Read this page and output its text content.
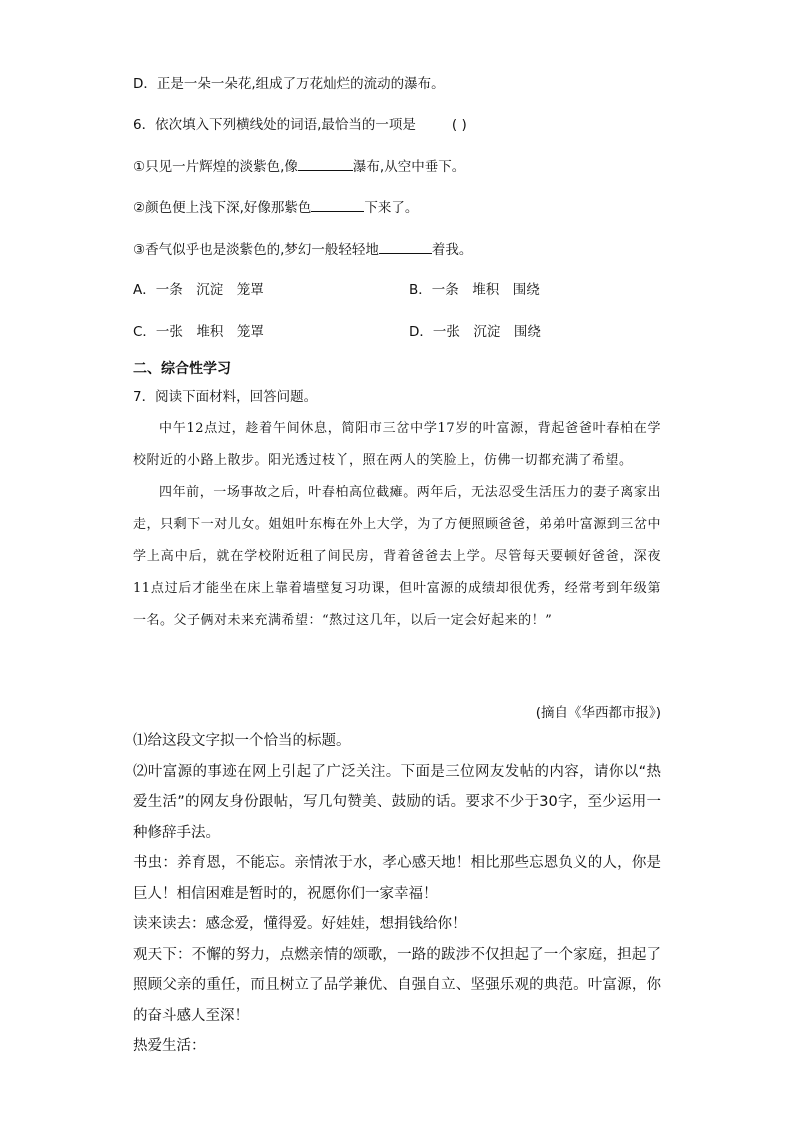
D．正是一朵一朵花,组成了万花灿烂的流动的瀑布。
6．依次填入下列横线处的词语,最恰当的一项是	( )
①只见一片辉煌的淡紫色,像	瀑布,从空中垂下。
②颜色便上浅下深,好像那紫色	下来了。
③香气似乎也是淡紫色的,梦幻一般轻轻地	着我。
A．一条　沉淀　笼罩	B．一条　堆积　围绕
C．一张　堆积　笼罩	D．一张　沉淀　围绕
二、综合性学习
7．阅读下面材料，回答问题。

中午12点过，趁着午间休息，简阳市三岔中学17岁的叶富源，背起爸爸叶春柏在学校附近的小路上散步。阳光透过枝丫，照在两人的笑脸上，仿佛一切都充满了希望。

四年前，一场事故之后，叶春柏高位截瘫。两年后，无法忍受生活压力的妻子离家出走，只剩下一对儿女。姐姐叶东梅在外上大学，为了方便照顾爸爸，弟弟叶富源到三岔中学上高中后，就在学校附近租了间民房，背着爸爸去上学。尽管每天要顿好爸爸，深夜11点过后才能坐在床上靠着墙壁复习功课，但叶富源的成绩却很优秀，经常考到年级第一名。父子俩对未来充满希望：“熬过这几年，以后一定会好起来的！”

(摘自《华西都市报》)
⑴给这段文字拟一个恰当的标题。
⑵叶富源的事迹在网上引起了广泛关注。下面是三位网友发帖的内容，请你以“热爱生活”的网友身份跟帖，写几句赞美、鼓励的话。要求不少于30字，至少运用一种修辞手法。
书虫：养育恩，不能忘。亲情浓于水，孝心感天地！相比那些忘恩负义的人，你是巨人！相信困难是暂时的，祝愿你们一家幸福！
读来读去：感念爱，懂得爱。好娃娃，想捐钱给你！
观天下：不懈的努力，点燃亲情的颂歌，一路的跋涉不仅担起了一个家庭，担起了照顾父亲的重任，而且树立了品学兼优、自强自立、坚强乐观的典范。叶富源，你的奋斗感人至深！
热爱生活：
